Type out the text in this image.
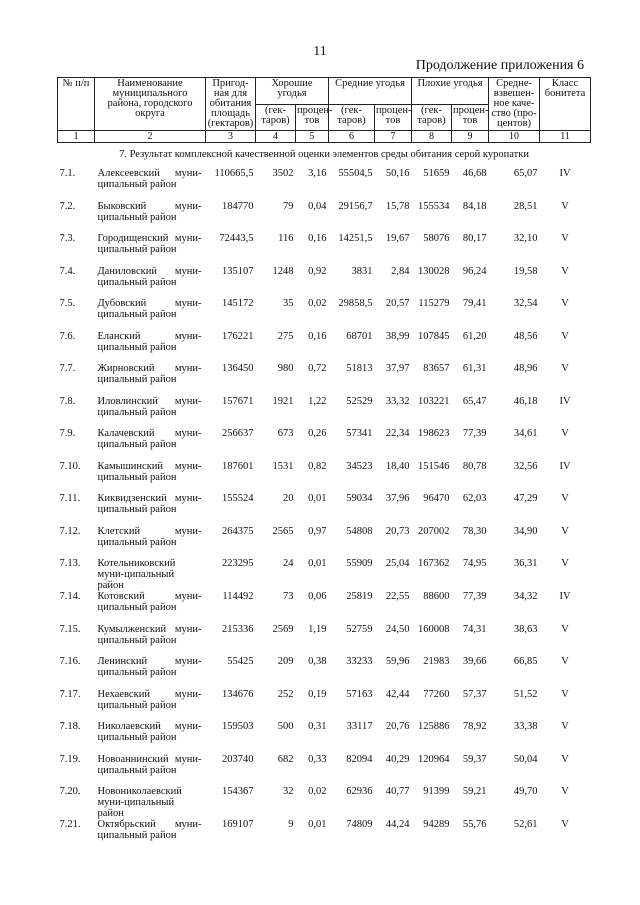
11
Продолжение приложения 6
№ п/п	Наименование муниципального района, городского округа	Пригод-ная для обитания площадь (гектаров)	Хорошие угодья		Средние угодья		Плохие угодья		Средне-взвешен-ное каче-ство (про-центов)	Класс бонитета
			(гек-таров)	процен-тов	(гек-таров)	процен-тов	(гек-таров)	процен-тов		
1	2	3	4	5	6	7	8	9	10	11
7. Результат комплексной качественной оценки элементов среды обитания серой куропатки										
7.1.	Алексеевский муни-ципальный район	110665,5	3502	3,16	55504,5	50,16	51659	46,68	65,07	IV
7.2.	Быковский муни-ципальный район	184770	79	0,04	29156,7	15,78	155534	84,18	28,51	V
7.3.	Городищенский муни-ципальный район	72443,5	116	0,16	14251,5	19,67	58076	80,17	32,10	V
7.4.	Даниловский муни-ципальный район	135107	1248	0,92	3831	2,84	130028	96,24	19,58	V
7.5.	Дубовский муни-ципальный район	145172	35	0,02	29858,5	20,57	115279	79,41	32,54	V
7.6.	Еланский муни-ципальный район	176221	275	0,16	68701	38,99	107845	61,20	48,56	V
7.7.	Жирновский муни-ципальный район	136450	980	0,72	51813	37,97	83657	61,31	48,96	V
7.8.	Иловлинский муни-ципальный район	157671	1921	1,22	52529	33,32	103221	65,47	46,18	IV
7.9.	Калачевский муни-ципальный район	256637	673	0,26	57341	22,34	198623	77,39	34,61	V
7.10.	Камышинский муни-ципальный район	187601	1531	0,82	34523	18,40	151546	80,78	32,56	IV
7.11.	Киквидзенский муни-ципальный район	155524	20	0,01	59034	37,96	96470	62,03	47,29	V
7.12.	Клетский муни-ципальный район	264375	2565	0,97	54808	20,73	207002	78,30	34,90	V
7.13.	Котельниковский муни-ципальный район	223295	24	0,01	55909	25,04	167362	74,95	36,31	V
7.14.	Котовский муни-ципальный район	114492	73	0,06	25819	22,55	88600	77,39	34,32	IV
7.15.	Кумылженский муни-ципальный район	215336	2569	1,19	52759	24,50	160008	74,31	38,63	V
7.16.	Ленинский муни-ципальный район	55425	209	0,38	33233	59,96	21983	39,66	66,85	V
7.17.	Нехаевский муни-ципальный район	134676	252	0,19	57163	42,44	77260	57,37	51,52	V
7.18.	Николаевский муни-ципальный район	159503	500	0,31	33117	20,76	125886	78,92	33,38	V
7.19.	Новоаннинский муни-ципальный район	203740	682	0,33	82094	40,29	120964	59,37	50,04	V
7.20.	Новониколаевский муни-ципальный район	154367	32	0,02	62936	40,77	91399	59,21	49,70	V
7.21.	Октябрьский муни-ципальный район	169107	9	0,01	74809	44,24	94289	55,76	52,61	V
